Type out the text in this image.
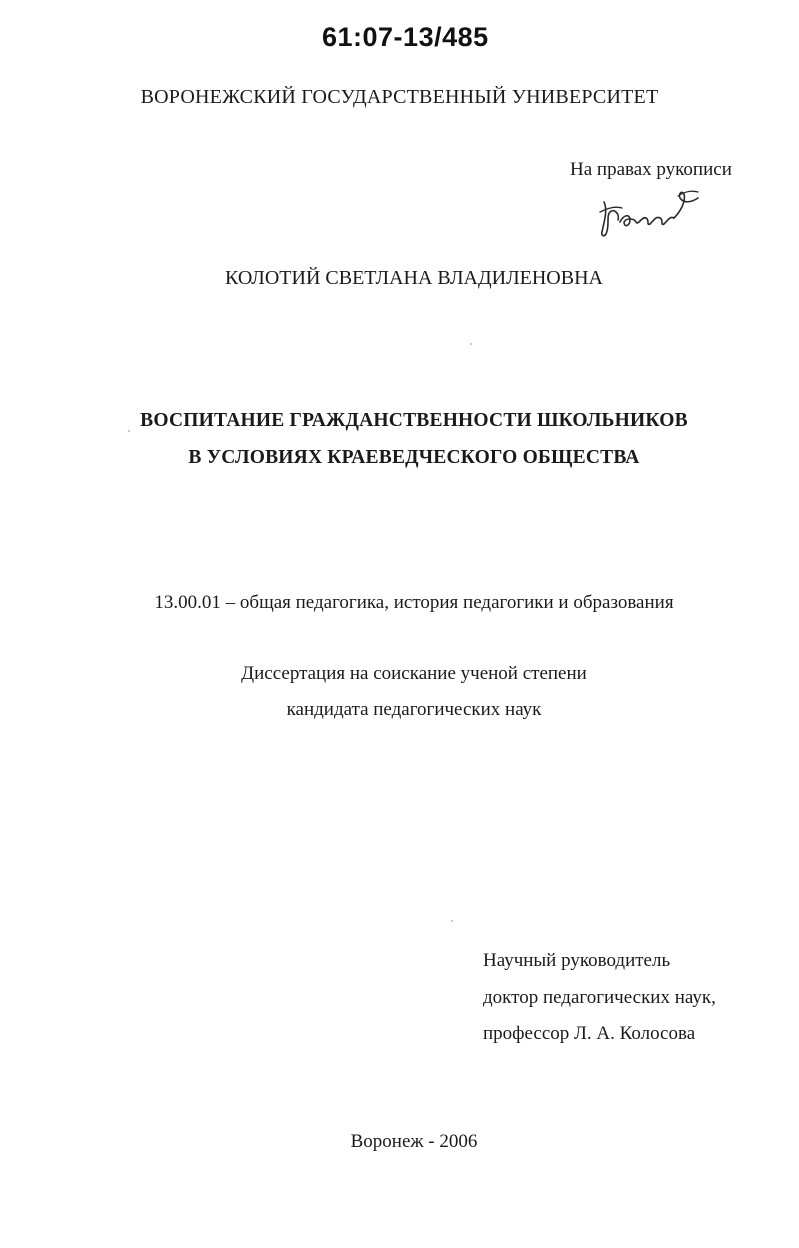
61:07-13/485
ВОРОНЕЖСКИЙ ГОСУДАРСТВЕННЫЙ УНИВЕРСИТЕТ
На правах рукописи
КОЛОТИЙ СВЕТЛАНА ВЛАДИЛЕНОВНА
ВОСПИТАНИЕ ГРАЖДАНСТВЕННОСТИ ШКОЛЬНИКОВ
В УСЛОВИЯХ КРАЕВЕДЧЕСКОГО ОБЩЕСТВА
13.00.01 – общая педагогика, история педагогики и образования
Диссертация на соискание ученой степени
кандидата педагогических наук
Научный руководитель
доктор педагогических наук,
профессор Л. А. Колосова
Воронеж - 2006
